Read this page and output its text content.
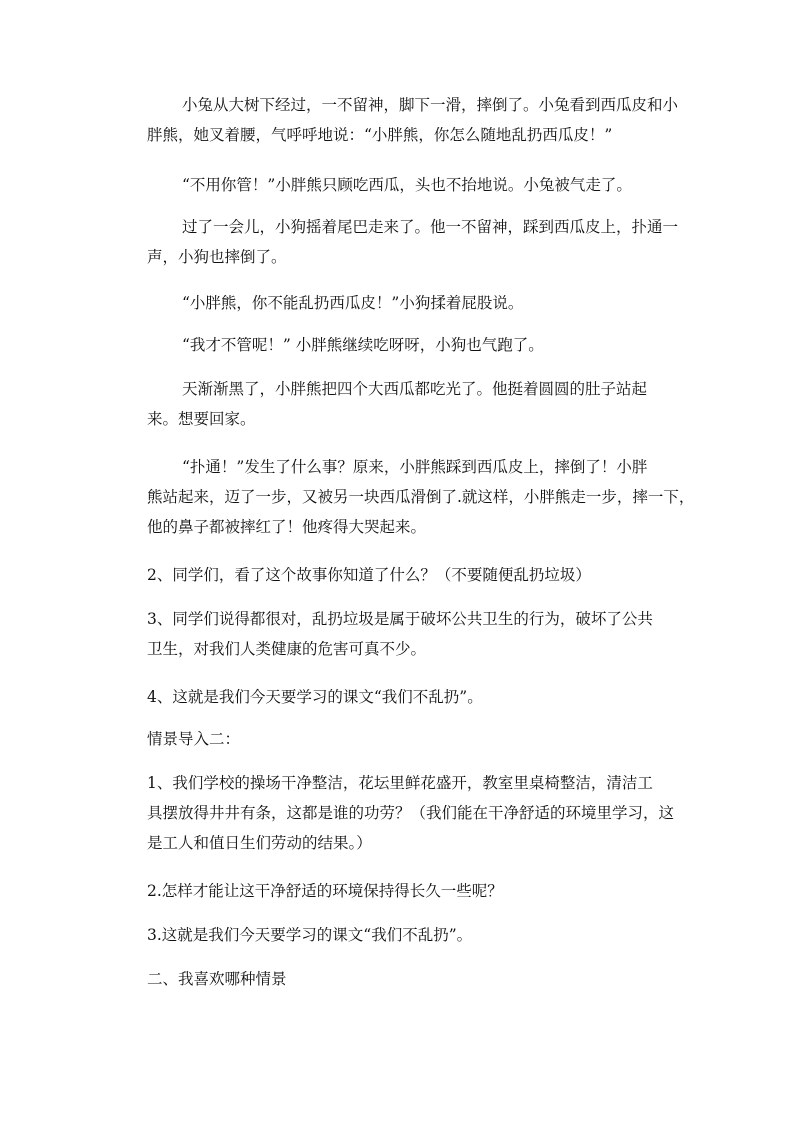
小兔从大树下经过，一不留神，脚下一滑，摔倒了。小兔看到西瓜皮和小
胖熊，她叉着腰，气呼呼地说：“小胖熊，你怎么随地乱扔西瓜皮！”

“不用你管！”小胖熊只顾吃西瓜，头也不抬地说。小兔被气走了。

过了一会儿，小狗摇着尾巴走来了。他一不留神，踩到西瓜皮上，扑通一
声，小狗也摔倒了。

“小胖熊，你不能乱扔西瓜皮！”小狗揉着屁股说。

“我才不管呢！” 小胖熊继续吃呀呀，小狗也气跑了。

天渐渐黑了，小胖熊把四个大西瓜都吃光了。他挺着圆圆的肚子站起
来。想要回家。

“扑通！”发生了什么事？原来，小胖熊踩到西瓜皮上，摔倒了！小胖
熊站起来，迈了一步，又被另一块西瓜滑倒了.就这样，小胖熊走一步，摔一下，
他的鼻子都被摔红了！他疼得大哭起来。

2、同学们，看了这个故事你知道了什么？（不要随便乱扔垃圾）

3、同学们说得都很对，乱扔垃圾是属于破坏公共卫生的行为，破坏了公共
卫生，对我们人类健康的危害可真不少。

4、这就是我们今天要学习的课文“我们不乱扔”。

情景导入二：

1、我们学校的操场干净整洁，花坛里鲜花盛开，教室里桌椅整洁，清洁工
具摆放得井井有条，这都是谁的功劳？（我们能在干净舒适的环境里学习，这
是工人和值日生们劳动的结果。）

2.怎样才能让这干净舒适的环境保持得长久一些呢？

3.这就是我们今天要学习的课文“我们不乱扔”。

二、我喜欢哪种情景
